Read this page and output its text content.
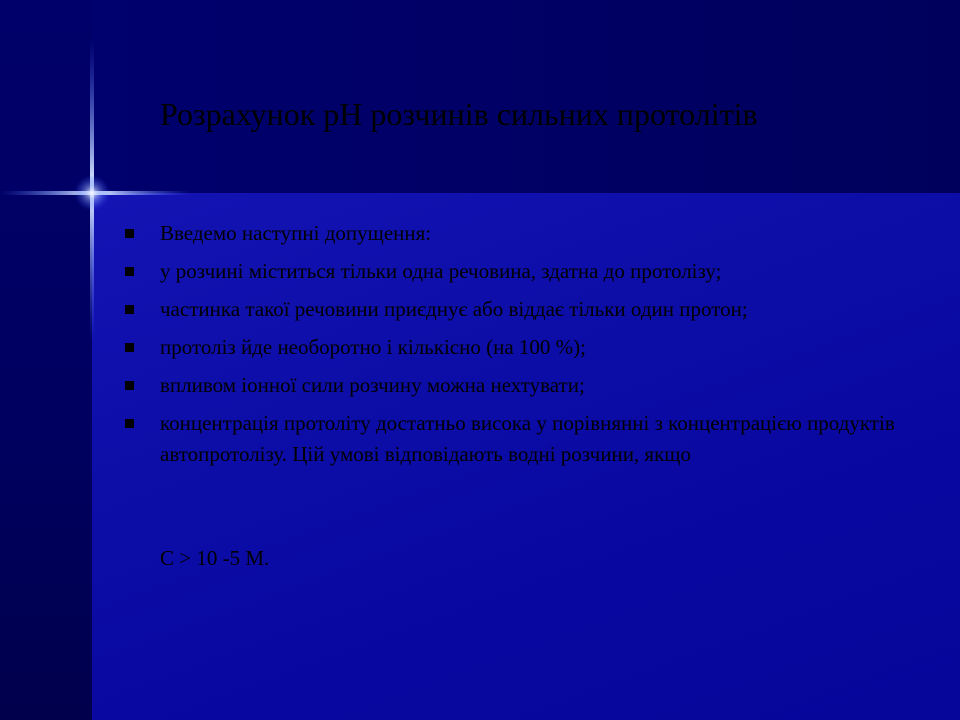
Розрахунок pH розчинів сильних протолітів
Введемо наступні допущення:
у розчині міститься тільки одна речовина, здатна до протолізу;
частинка такої речовини приєднує або віддає тільки один протон;
протоліз йде необоротно і кількісно (на 100 %);
впливом іонної сили розчину можна нехтувати;
концентрація протоліту достатньо висока у порівнянні з концентрацією продуктів автопротолізу. Цій умові відповідають водні розчини, якщо

C > 10 -5 M.
